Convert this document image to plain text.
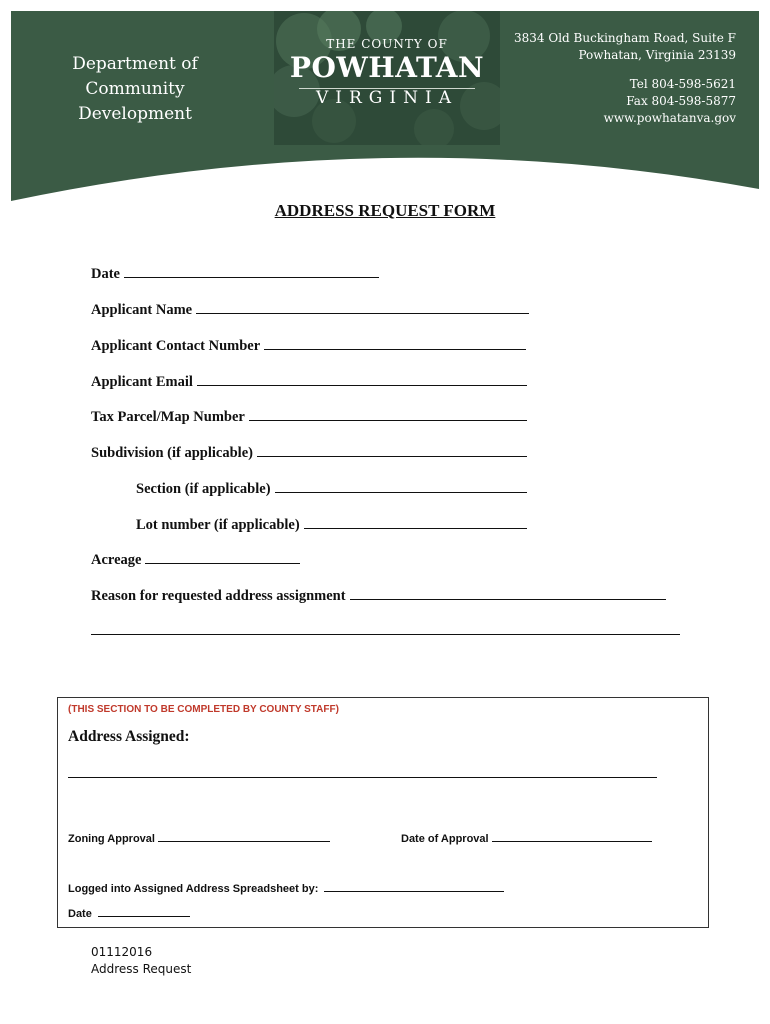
Department of
Community
Development
THE COUNTY OF
POWHATAN
VIRGINIA
3834 Old Buckingham Road, Suite F
Powhatan, Virginia 23139
Tel 804-598-5621
Fax 804-598-5877
www.powhatanva.gov
ADDRESS REQUEST FORM
Date
Applicant Name
Applicant Contact Number
Applicant Email
Tax Parcel/Map Number
Subdivision (if applicable)
Section (if applicable)
Lot number (if applicable)
Acreage
Reason for requested address assignment
(THIS SECTION TO BE COMPLETED BY COUNTY STAFF)
Address Assigned:
Zoning Approval	Date of Approval
Logged into Assigned Address Spreadsheet by:
Date
01112016
Address Request
